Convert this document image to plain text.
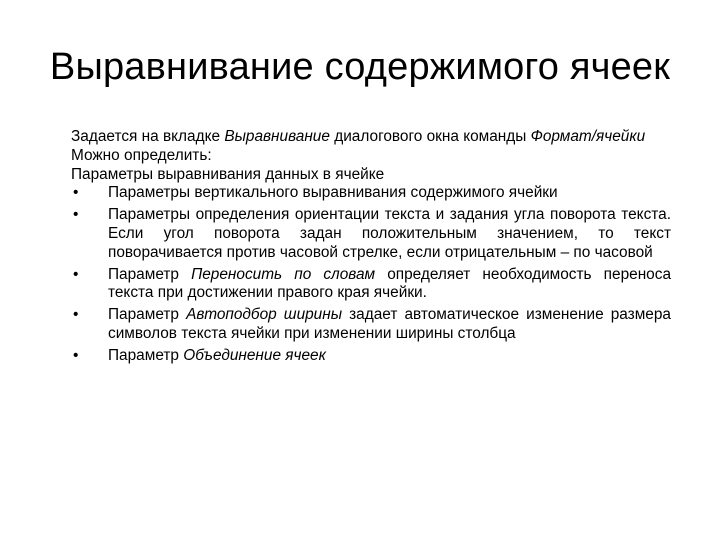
Выравнивание содержимого ячеек

Задается на вкладке Выравнивание диалогового окна команды Формат/ячейки

Можно определить:

Параметры выравнивания данных в ячейке

• Параметры вертикального выравнивания содержимого ячейки
• Параметры определения ориентации текста и задания угла поворота текста. Если угол поворота задан положительным значением, то текст поворачивается против часовой стрелке, если отрицательным – по часовой
• Параметр Переносить по словам определяет необходимость переноса текста при достижении правого края ячейки.
• Параметр Автоподбор ширины задает автоматическое изменение размера символов текста ячейки при изменении ширины столбца
• Параметр Объединение ячеек
